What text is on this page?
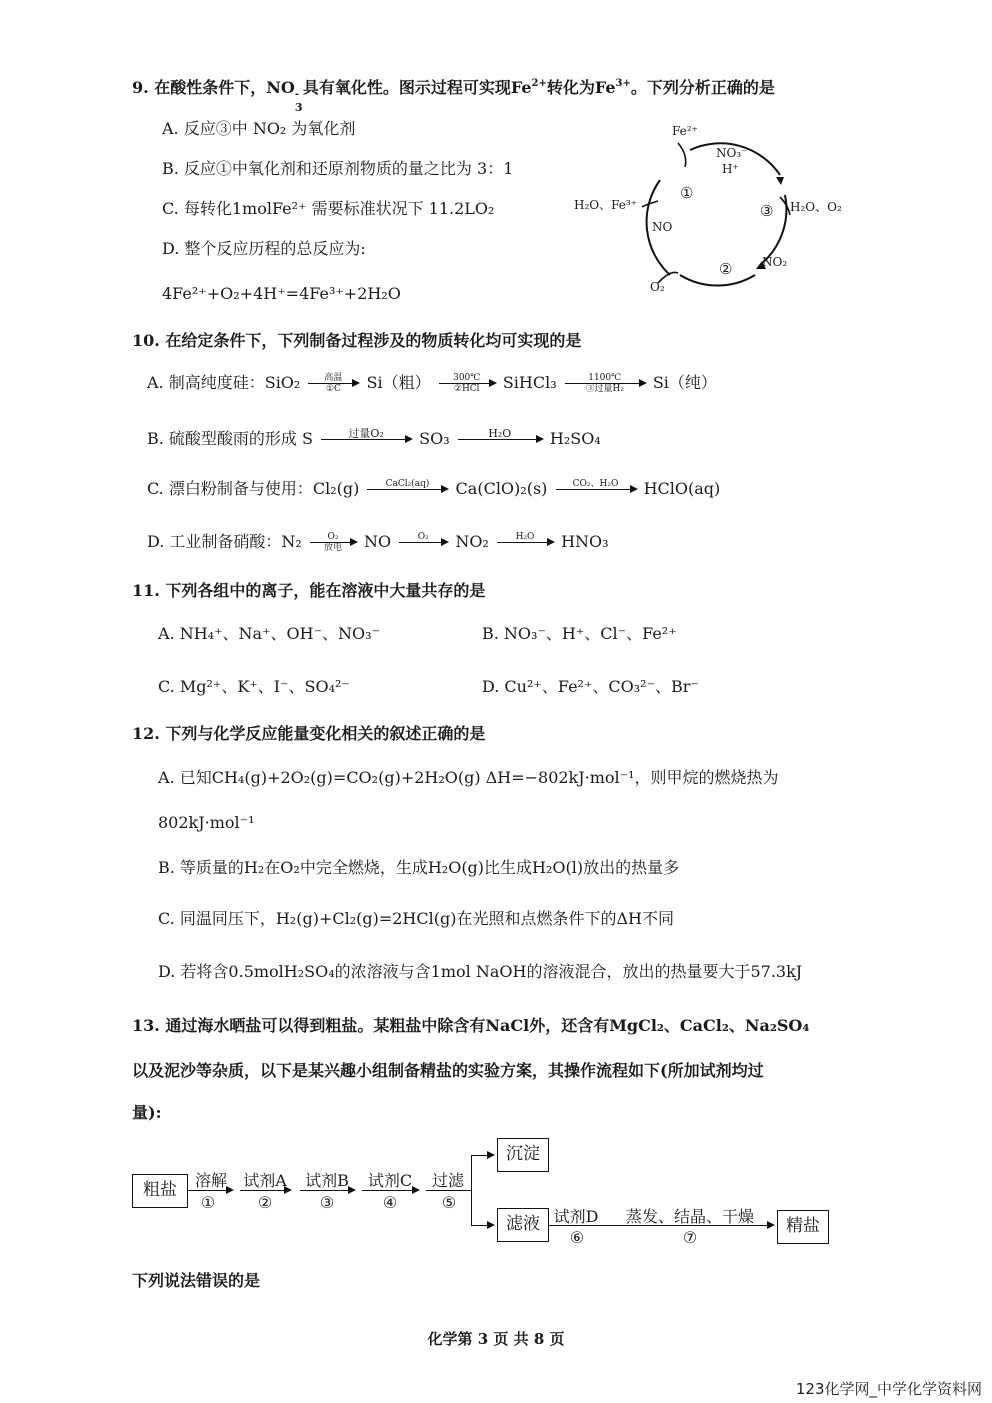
9. 在酸性条件下，NO -
3
具有氧化性。图示过程可实现$Fe^{2+}$转化为$Fe^{3+}$。下列分析正确的是
A. 反应③中 NO₂ 为氧化剂
B. 反应①中氧化剂和还原剂物质的量之比为 3：1
C. 每转化1molFe²⁺ 需要标准状况下 11.2LO₂
D. 整个反应历程的总反应为:
4Fe²⁺+O₂+4H⁺=4Fe³⁺+2H₂O
Fe²⁺
NO₃⁻
H⁺
H₂O、Fe³⁺	H₂O、O₂
NO
NO₂
O₂
①
②
③
10. 在给定条件下，下列制备过程涉及的物质转化均可实现的是
A. 制高纯度硅：SiO₂	高温
①C	Si（粗）	300℃
②HCl	SiHCl₃	1100℃
③过量H₂	Si（纯）
B. 硫酸型酸雨的形成 S	过量O₂
	SO₃	H₂O
	H₂SO₄
C. 漂白粉制备与使用：Cl₂(g)	CaCl₂(aq)
	Ca(ClO)₂(s)	CO₂、H₂O
	HClO(aq)
D. 工业制备硝酸：N₂	O₂
放电	NO	O₂
	NO₂	H₂O
	HNO₃
11. 下列各组中的离子，能在溶液中大量共存的是
A. NH₄⁺、Na⁺、OH⁻、NO₃⁻	B. NO₃⁻、H⁺、Cl⁻、Fe²⁺
C. Mg²⁺、K⁺、I⁻、SO₄²⁻	D. Cu²⁺、Fe²⁺、CO₃²⁻、Br⁻
12. 下列与化学反应能量变化相关的叙述正确的是
A. 已知CH₄(g)+2O₂(g)=CO₂(g)+2H₂O(g) ΔH=−802kJ·mol⁻¹，则甲烷的燃烧热为
802kJ·mol⁻¹
B. 等质量的H₂在O₂中完全燃烧，生成H₂O(g)比生成H₂O(l)放出的热量多
C. 同温同压下，H₂(g)+Cl₂(g)=2HCl(g)在光照和点燃条件下的ΔH不同
D. 若将含0.5molH₂SO₄的浓溶液与含1mol NaOH的溶液混合，放出的热量要大于57.3kJ
13. 通过海水晒盐可以得到粗盐。某粗盐中除含有NaCl外，还含有MgCl₂、CaCl₂、Na₂SO₄
以及泥沙等杂质，以下是某兴趣小组制备精盐的实验方案，其操作流程如下(所加试剂均过
量):
粗盐	溶解
①
试剂A
②
试剂B
③
试剂C
④
过滤
⑤
沉淀
滤液 试剂D
⑥
蒸发、结晶、干燥
⑦
精盐
下列说法错误的是
化学第 3 页 共 8 页
123化学网_中学化学资料网
